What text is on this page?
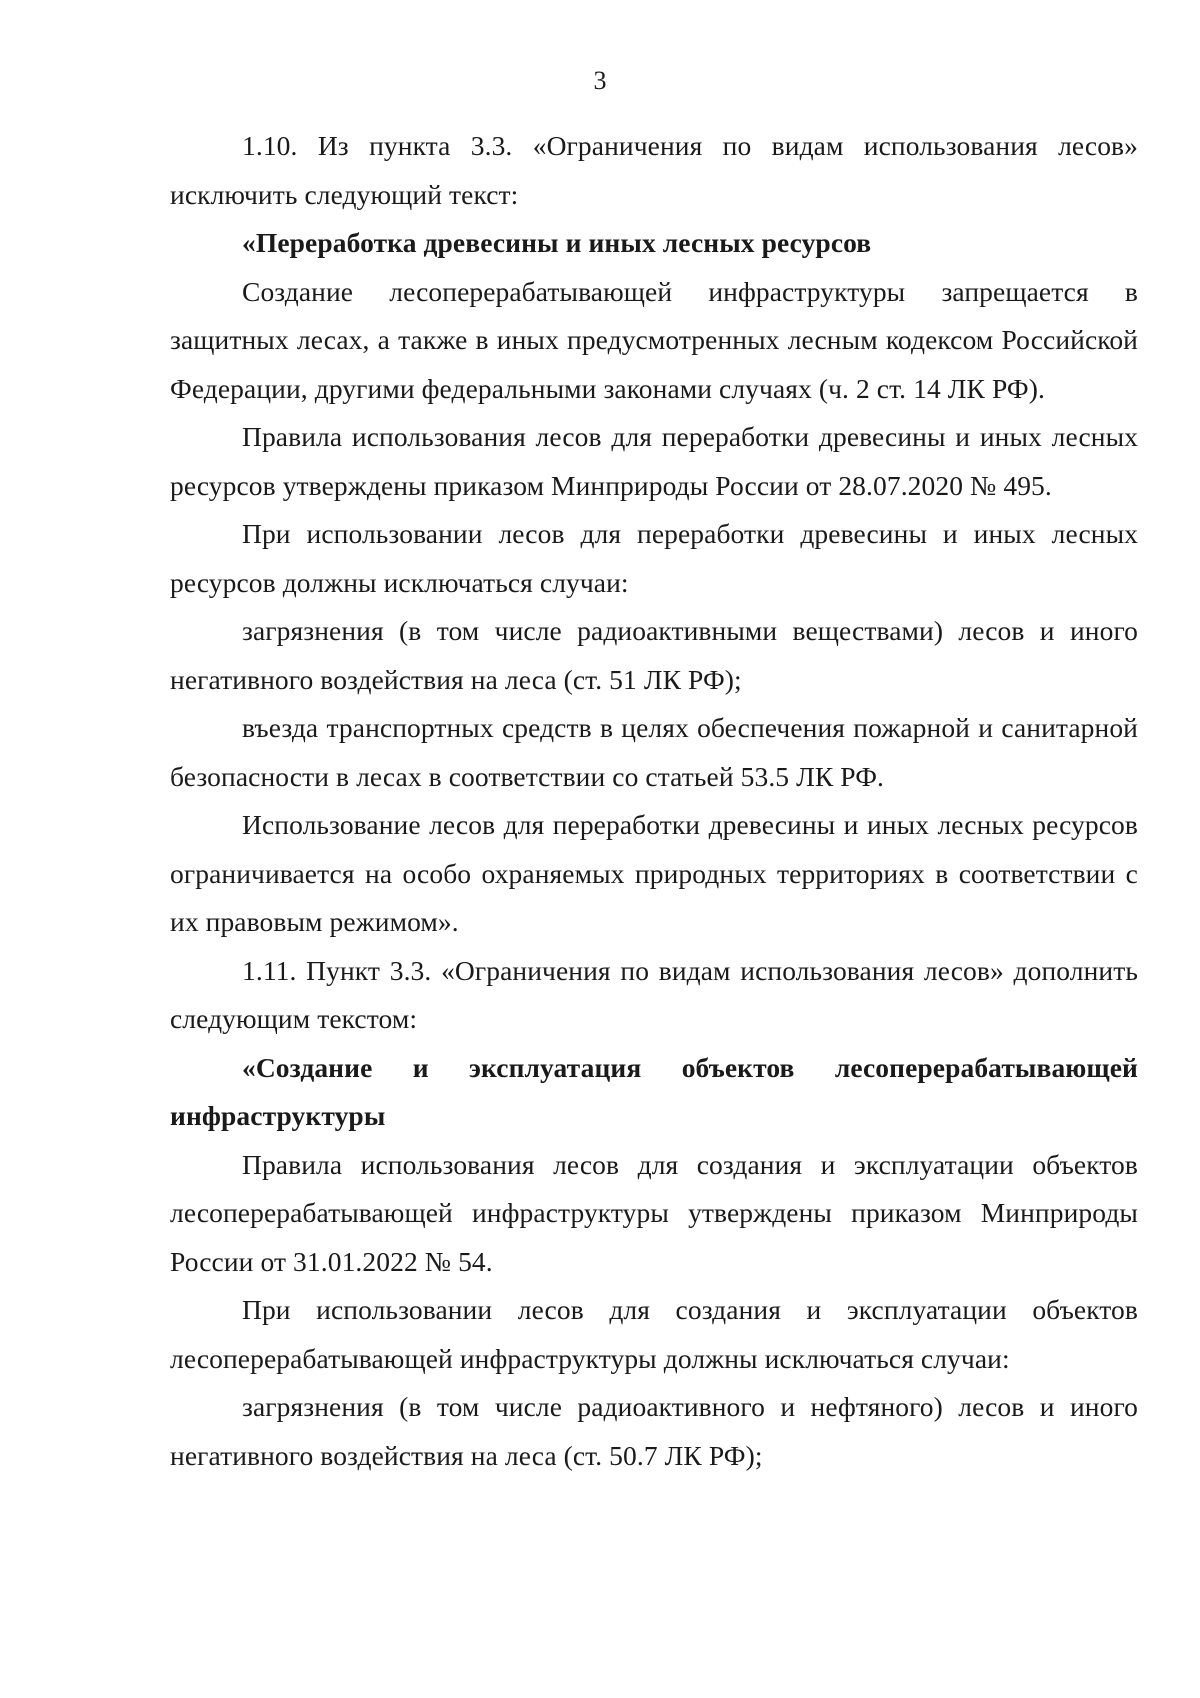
3

1.10. Из пункта 3.3. «Ограничения по видам использования лесов» исключить следующий текст:

«Переработка древесины и иных лесных ресурсов

Создание лесоперерабатывающей инфраструктуры запрещается в защитных лесах, а также в иных предусмотренных лесным кодексом Российской Федерации, другими федеральными законами случаях (ч. 2 ст. 14 ЛК РФ).

Правила использования лесов для переработки древесины и иных лесных ресурсов утверждены приказом Минприроды России от 28.07.2020 № 495.

При использовании лесов для переработки древесины и иных лесных ресурсов должны исключаться случаи:

загрязнения (в том числе радиоактивными веществами) лесов и иного негативного воздействия на леса (ст. 51 ЛК РФ);

въезда транспортных средств в целях обеспечения пожарной и санитарной безопасности в лесах в соответствии со статьей 53.5 ЛК РФ.

Использование лесов для переработки древесины и иных лесных ресурсов ограничивается на особо охраняемых природных территориях в соответствии с их правовым режимом».

1.11. Пункт 3.3. «Ограничения по видам использования лесов» дополнить следующим текстом:

«Создание и эксплуатация объектов лесоперерабатывающей инфраструктуры

Правила использования лесов для создания и эксплуатации объектов лесоперерабатывающей инфраструктуры утверждены приказом Минприроды России от 31.01.2022 № 54.

При использовании лесов для создания и эксплуатации объектов лесоперерабатывающей инфраструктуры должны исключаться случаи:

загрязнения (в том числе радиоактивного и нефтяного) лесов и иного негативного воздействия на леса (ст. 50.7 ЛК РФ);
